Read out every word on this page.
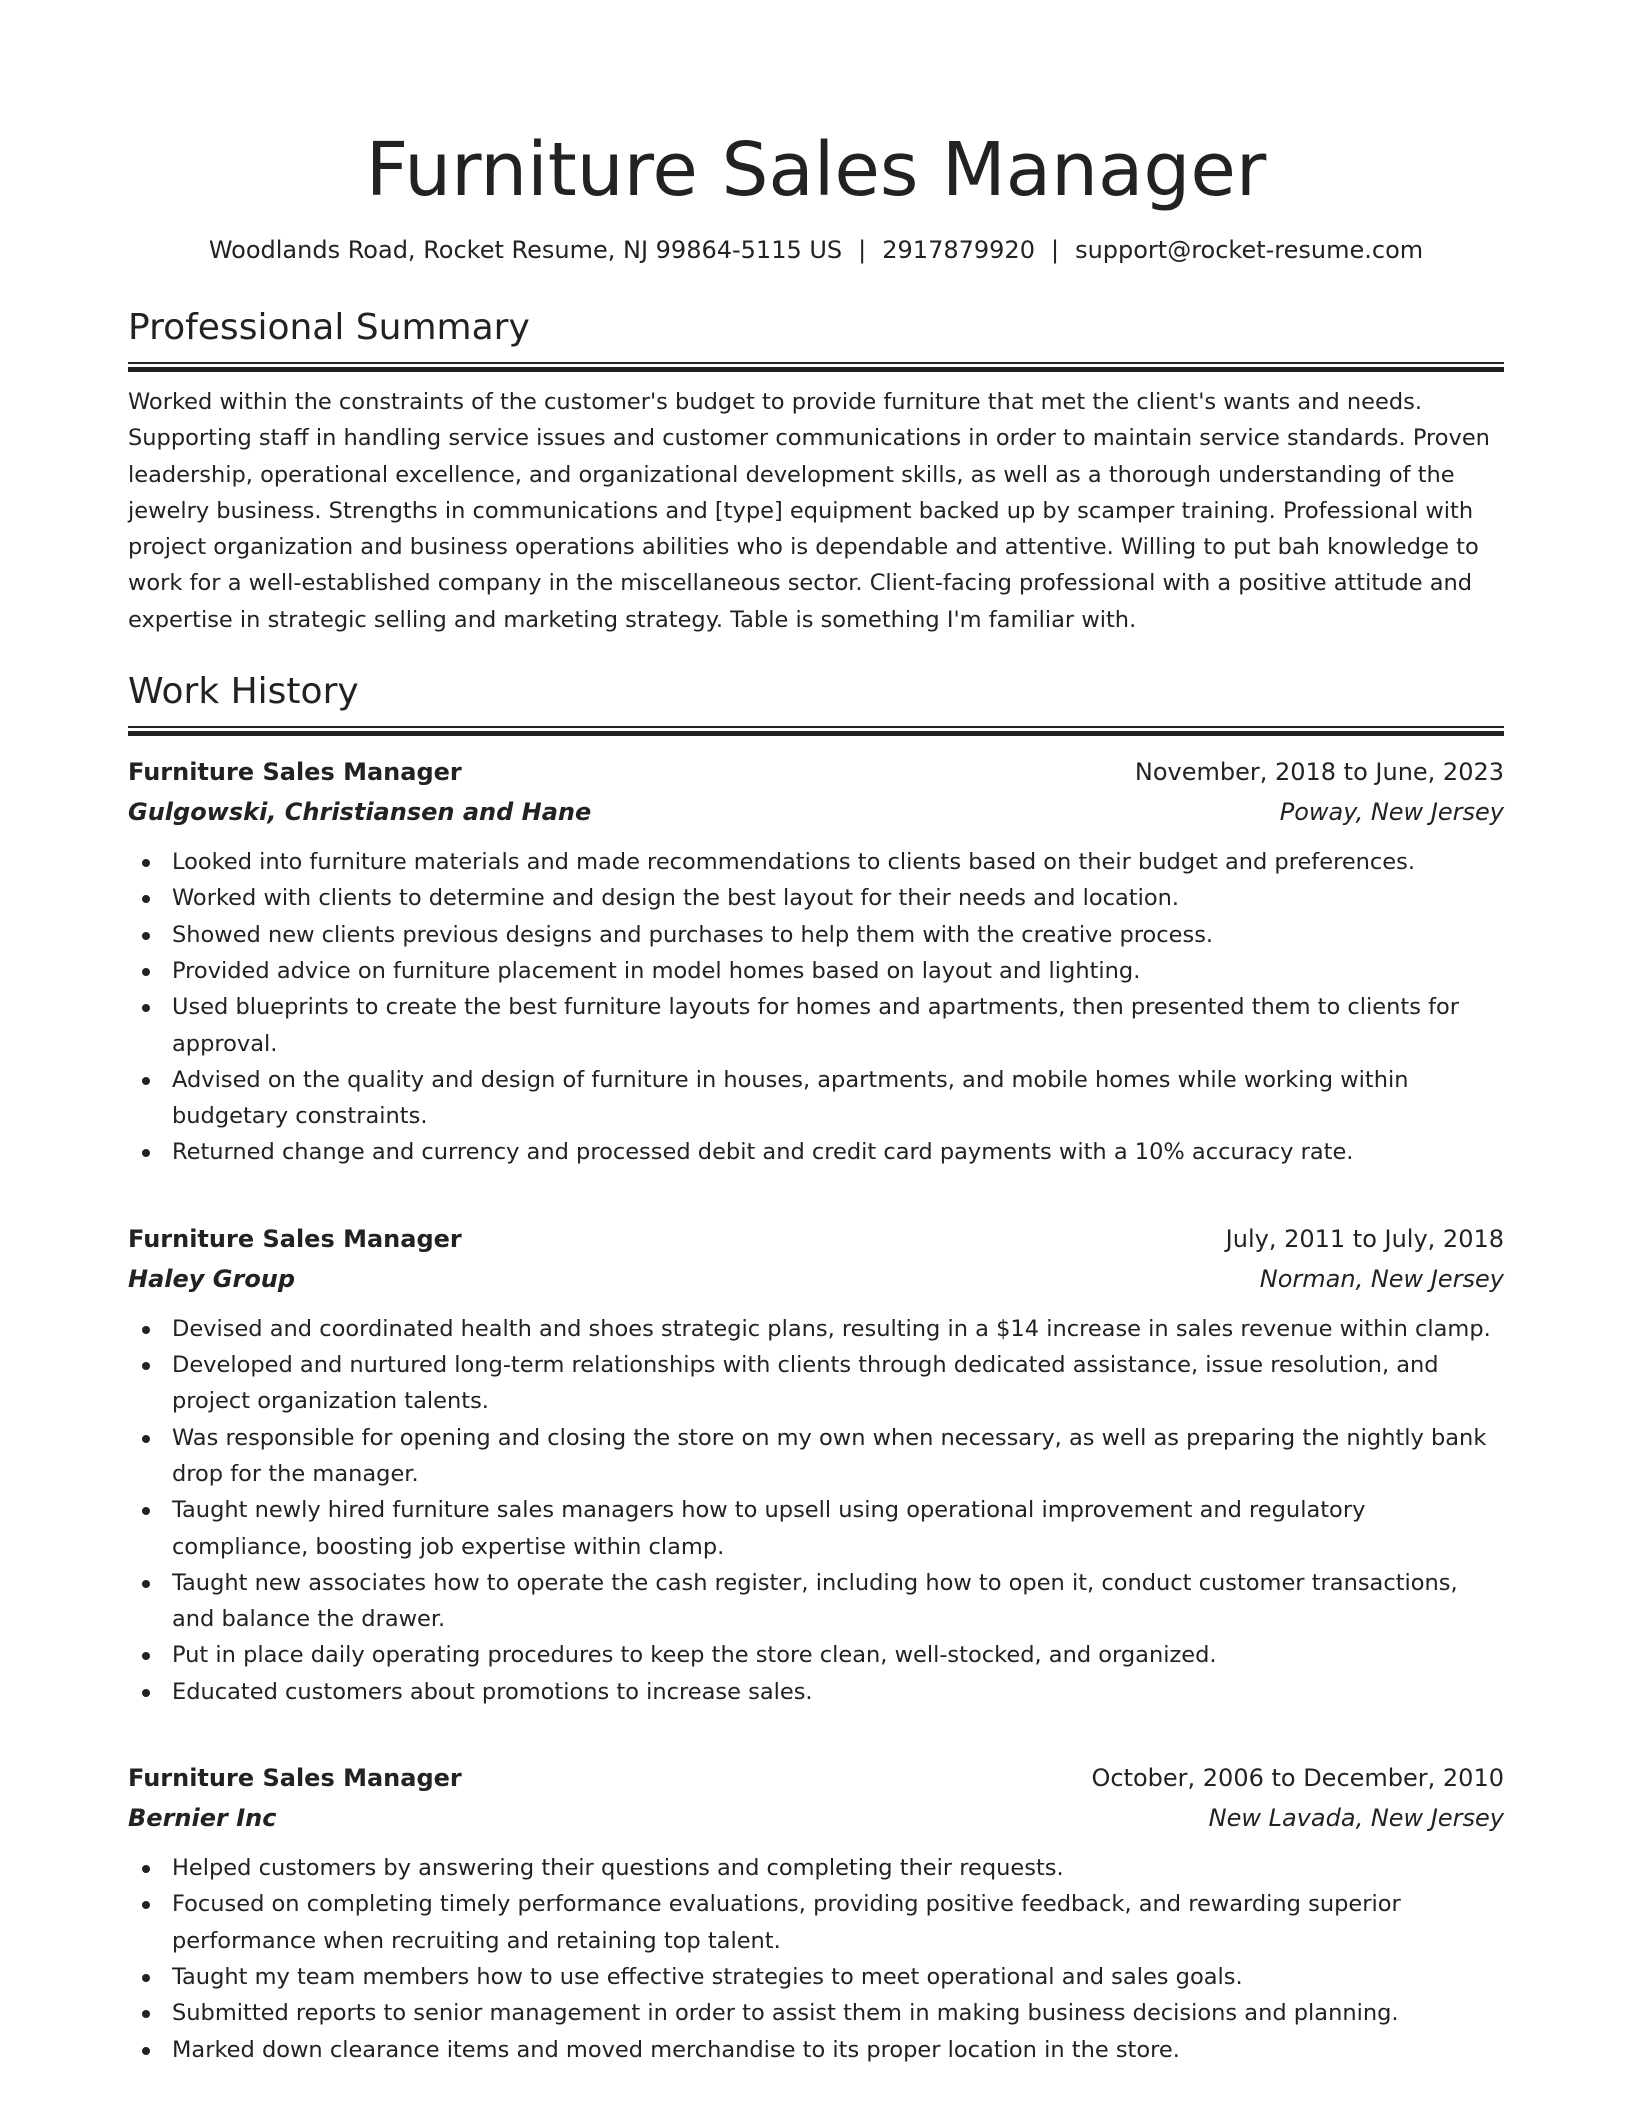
Furniture Sales Manager
Woodlands Road, Rocket Resume, NJ 99864-5115 US | 2917879920 | support@rocket-resume.com
Professional Summary

Worked within the constraints of the customer's budget to provide furniture that met the client's wants and needs. Supporting staff in handling service issues and customer communications in order to maintain service standards. Proven leadership, operational excellence, and organizational development skills, as well as a thorough understanding of the jewelry business. Strengths in communications and [type] equipment backed up by scamper training. Professional with project organization and business operations abilities who is dependable and attentive. Willing to put bah knowledge to work for a well-established company in the miscellaneous sector. Client-facing professional with a positive attitude and expertise in strategic selling and marketing strategy. Table is something I'm familiar with.

Work History
Furniture Sales Manager	November, 2018 to June, 2023
Gulgowski, Christiansen and Hane	Poway, New Jersey
Looked into furniture materials and made recommendations to clients based on their budget and preferences.
Worked with clients to determine and design the best layout for their needs and location.
Showed new clients previous designs and purchases to help them with the creative process.
Provided advice on furniture placement in model homes based on layout and lighting.
Used blueprints to create the best furniture layouts for homes and apartments, then presented them to clients for approval.
Advised on the quality and design of furniture in houses, apartments, and mobile homes while working within budgetary constraints.
Returned change and currency and processed debit and credit card payments with a 10% accuracy rate.
Furniture Sales Manager	July, 2011 to July, 2018
Haley Group	Norman, New Jersey
Devised and coordinated health and shoes strategic plans, resulting in a $14 increase in sales revenue within clamp.
Developed and nurtured long-term relationships with clients through dedicated assistance, issue resolution, and project organization talents.
Was responsible for opening and closing the store on my own when necessary, as well as preparing the nightly bank drop for the manager.
Taught newly hired furniture sales managers how to upsell using operational improvement and regulatory compliance, boosting job expertise within clamp.
Taught new associates how to operate the cash register, including how to open it, conduct customer transactions, and balance the drawer.
Put in place daily operating procedures to keep the store clean, well-stocked, and organized.
Educated customers about promotions to increase sales.
Furniture Sales Manager	October, 2006 to December, 2010
Bernier Inc	New Lavada, New Jersey
Helped customers by answering their questions and completing their requests.
Focused on completing timely performance evaluations, providing positive feedback, and rewarding superior performance when recruiting and retaining top talent.
Taught my team members how to use effective strategies to meet operational and sales goals.
Submitted reports to senior management in order to assist them in making business decisions and planning.
Marked down clearance items and moved merchandise to its proper location in the store.
